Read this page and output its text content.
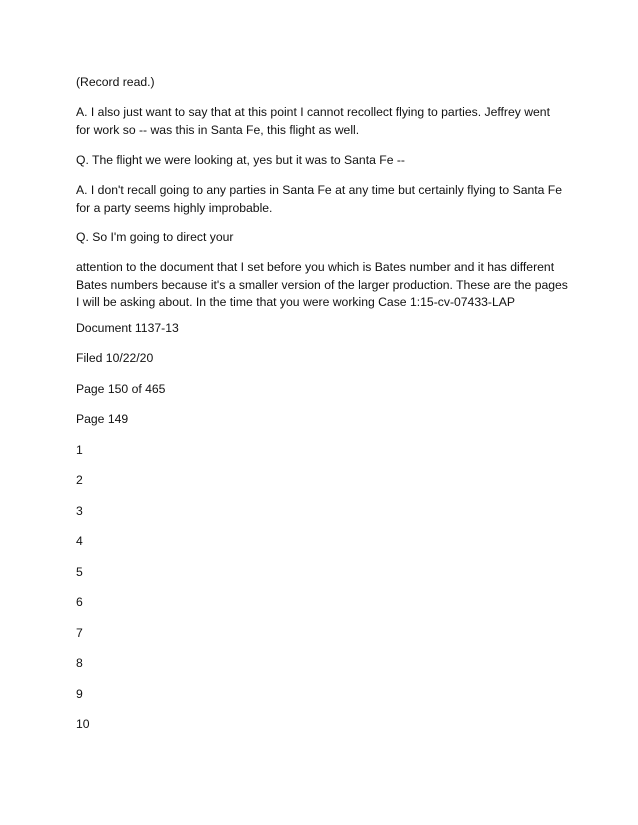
(Record read.)

A. I also just want to say that at this point I cannot recollect flying to parties. Jeffrey went for work so -- was this in Santa Fe, this flight as well.

Q. The flight we were looking at, yes but it was to Santa Fe --

A. I don't recall going to any parties in Santa Fe at any time but certainly flying to Santa Fe for a party seems highly improbable.

Q. So I'm going to direct your

attention to the document that I set before you which is Bates number and it has different Bates numbers because it's a smaller version of the larger production. These are the pages I will be asking about. In the time that you were working Case 1:15-cv-07433-LAP

Document 1137-13
Filed 10/22/20
Page 150 of 465
Page 149
1
2
3
4
5
6
7
8
9
10
